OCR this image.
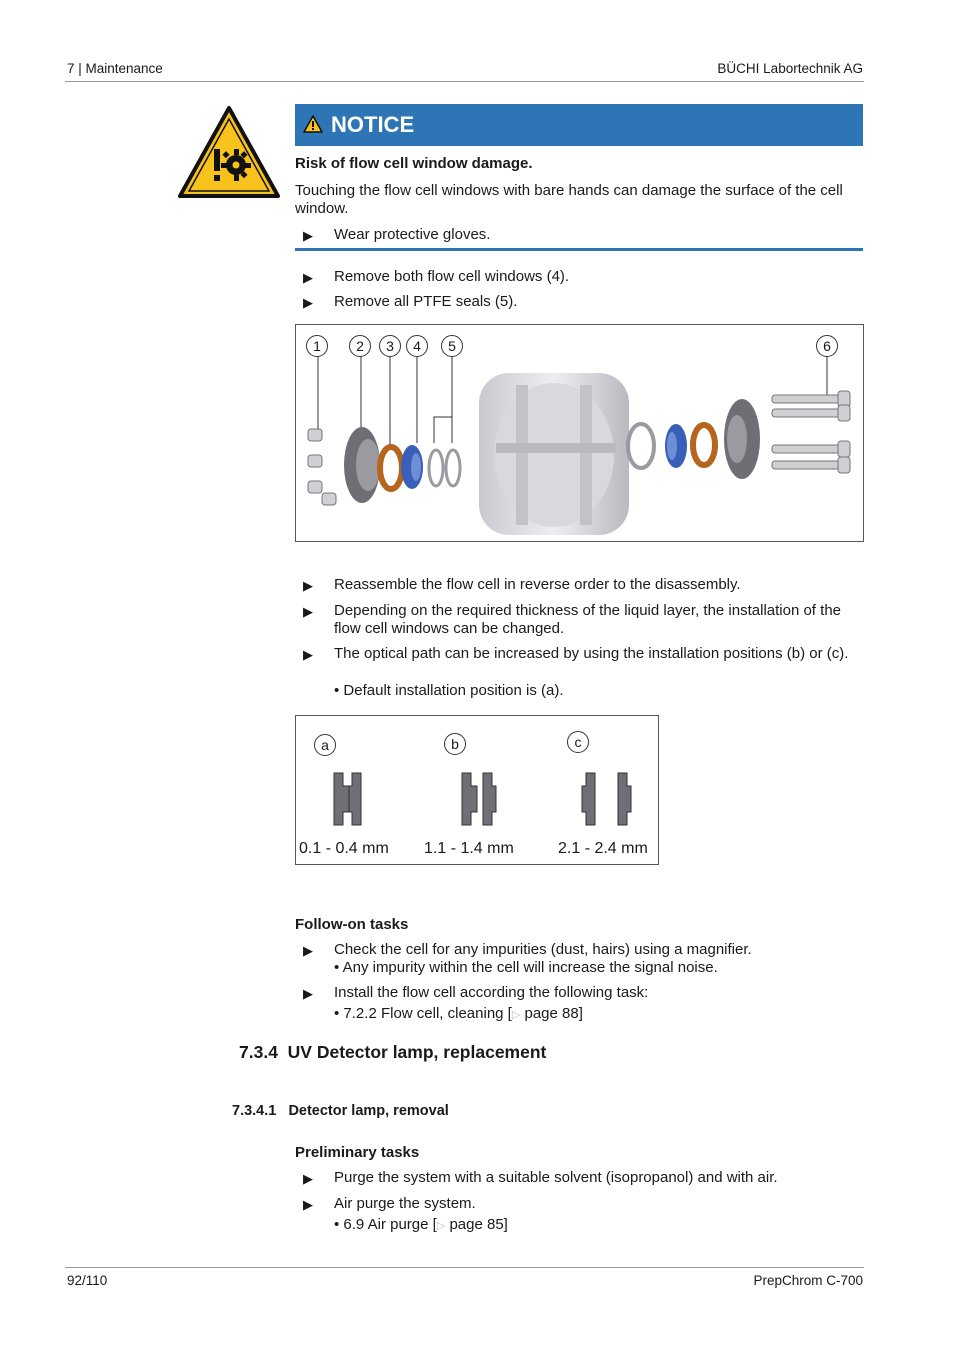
7 | Maintenance	BÜCHI Labortechnik AG
NOTICE
Risk of flow cell window damage.
Touching the flow cell windows with bare hands can damage the surface of the cell window.
▶ Wear protective gloves.
▶ Remove both flow cell windows (4).
▶ Remove all PTFE seals (5).
1	2	3	4	5	6
▶ Reassemble the flow cell in reverse order to the disassembly.
▶ Depending on the required thickness of the liquid layer, the installation of the flow cell windows can be changed.
▶ The optical path can be increased by using the installation positions (b) or (c).
• Default installation position is (a).
a	b	c
0.1 - 0.4 mm 1.1 - 1.4 mm	2.1 - 2.4 mm
Follow-on tasks
▶ Check the cell for any impurities (dust, hairs) using a magnifier.
• Any impurity within the cell will increase the signal noise.
▶ Install the flow cell according the following task:
• 7.2.2 Flow cell, cleaning [▷ page 88]
7.3.4 UV Detector lamp, replacement
7.3.4.1 Detector lamp, removal
Preliminary tasks
▶ Purge the system with a suitable solvent (isopropanol) and with air.
▶ Air purge the system.
• 6.9 Air purge [▷ page 85]
92/110	PrepChrom C-700
